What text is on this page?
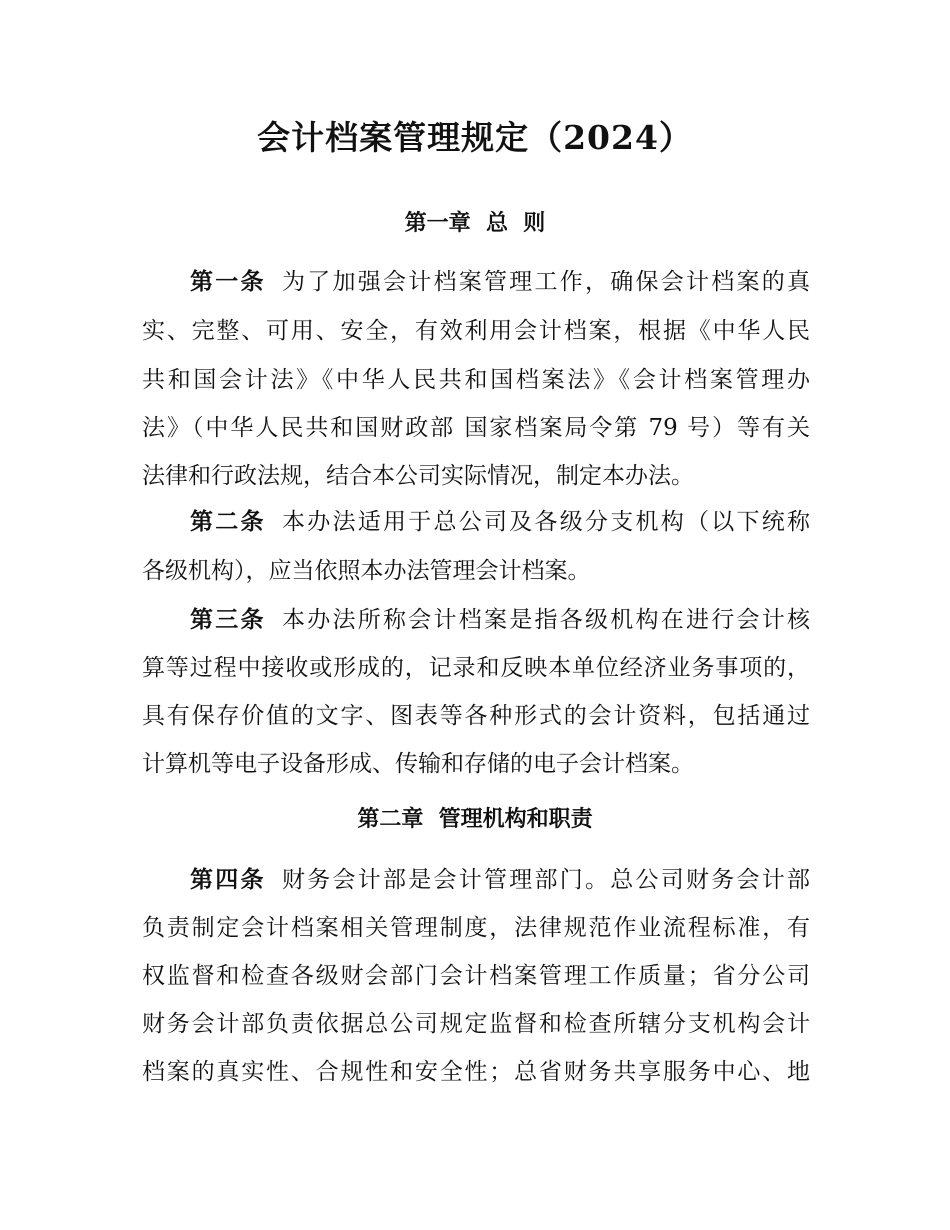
会计档案管理规定（2024）
第一章  总  则
第一条 为了加强会计档案管理工作，确保会计档案的真
实、完整、可用、安全，有效利用会计档案，根据《中华人民
共和国会计法》《中华人民共和国档案法》《会计档案管理办
法》（中华人民共和国财政部 国家档案局令第 79 号）等有关
法律和行政法规，结合本公司实际情况，制定本办法。
第二条 本办法适用于总公司及各级分支机构（以下统称
各级机构），应当依照本办法管理会计档案。
第三条 本办法所称会计档案是指各级机构在进行会计核
算等过程中接收或形成的，记录和反映本单位经济业务事项的，
具有保存价值的文字、图表等各种形式的会计资料，包括通过
计算机等电子设备形成、传输和存储的电子会计档案。
第二章  管理机构和职责
第四条 财务会计部是会计管理部门。总公司财务会计部
负责制定会计档案相关管理制度，法律规范作业流程标准，有
权监督和检查各级财会部门会计档案管理工作质量；省分公司
财务会计部负责依据总公司规定监督和检查所辖分支机构会计
档案的真实性、合规性和安全性；总省财务共享服务中心、地
